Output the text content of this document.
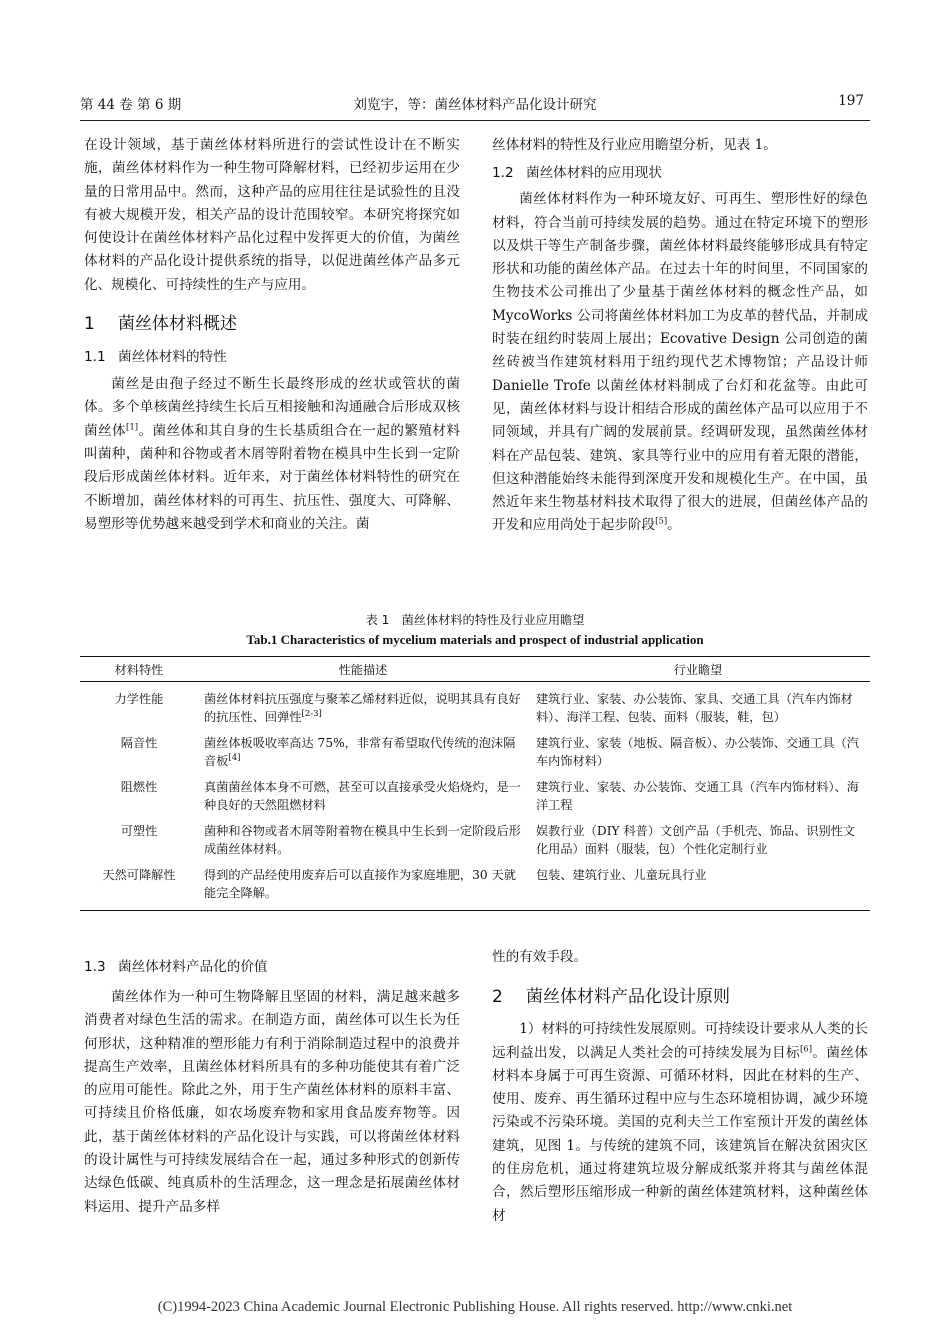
第 44 卷 第 6 期	刘览宇，等：菌丝体材料产品化设计研究	197

在设计领域，基于菌丝体材料所进行的尝试性设计在不断实施，菌丝体材料作为一种生物可降解材料，已经初步运用在少量的日常用品中。然而，这种产品的应用往往是试验性的且没有被大规模开发，相关产品的设计范围较窄。本研究将探究如何使设计在菌丝体材料产品化过程中发挥更大的价值，为菌丝体材料的产品化设计提供系统的指导，以促进菌丝体产品多元化、规模化、可持续性的生产与应用。

1 菌丝体材料概述
1.1 菌丝体材料的特性

菌丝是由孢子经过不断生长最终形成的丝状或管状的菌体。多个单核菌丝持续生长后互相接触和沟通融合后形成双核菌丝体[1]。菌丝体和其自身的生长基质组合在一起的繁殖材料叫菌种，菌种和谷物或者木屑等附着物在模具中生长到一定阶段后形成菌丝体材料。近年来，对于菌丝体材料特性的研究在不断增加，菌丝体材料的可再生、抗压性、强度大、可降解、易塑形等优势越来越受到学术和商业的关注。菌

丝体材料的特性及行业应用瞻望分析，见表 1。

1.2 菌丝体材料的应用现状

菌丝体材料作为一种环境友好、可再生、塑形性好的绿色材料，符合当前可持续发展的趋势。通过在特定环境下的塑形以及烘干等生产制备步骤，菌丝体材料最终能够形成具有特定形状和功能的菌丝体产品。在过去十年的时间里，不同国家的生物技术公司推出了少量基于菌丝体材料的概念性产品，如MycoWorks 公司将菌丝体材料加工为皮革的替代品，并制成时装在纽约时装周上展出；Ecovative Design 公司创造的菌丝砖被当作建筑材料用于纽约现代艺术博物馆；产品设计师 Danielle Trofe 以菌丝体材料制成了台灯和花盆等。由此可见，菌丝体材料与设计相结合形成的菌丝体产品可以应用于不同领域，并具有广阔的发展前景。经调研发现，虽然菌丝体材料在产品包装、建筑、家具等行业中的应用有着无限的潜能，但这种潜能始终未能得到深度开发和规模化生产。在中国，虽然近年来生物基材料技术取得了很大的进展，但菌丝体产品的开发和应用尚处于起步阶段[5]。

表 1　菌丝体材料的特性及行业应用瞻望
Tab.1 Characteristics of mycelium materials and prospect of industrial application
材料特性	性能描述	行业瞻望
力学性能	菌丝体材料抗压强度与聚苯乙烯材料近似，说明其具有良好的抗压性、回弹性[2-3]	建筑行业、家装、办公装饰、家具、交通工具（汽车内饰材料）、海洋工程、包装、面料（服装，鞋，包）
隔音性	菌丝体板吸收率高达 75%，非常有希望取代传统的泡沫隔音板[4]	建筑行业、家装（地板、隔音板）、办公装饰、交通工具（汽车内饰材料）
阻燃性	真菌菌丝体本身不可燃，甚至可以直接承受火焰烧灼，是一种良好的天然阻燃材料	建筑行业、家装、办公装饰、交通工具（汽车内饰材料）、海洋工程
可塑性	菌种和谷物或者木屑等附着物在模具中生长到一定阶段后形成菌丝体材料。	娱教行业（DIY 科普）文创产品（手机壳、饰品、识别性文化用品）面料（服装，包）个性化定制行业
天然可降解性	得到的产品经使用废弃后可以直接作为家庭堆肥，30 天就能完全降解。	包装、建筑行业、儿童玩具行业
1.3 菌丝体材料产品化的价值

菌丝体作为一种可生物降解且坚固的材料，满足越来越多消费者对绿色生活的需求。在制造方面，菌丝体可以生长为任何形状，这种精准的塑形能力有利于消除制造过程中的浪费并提高生产效率，且菌丝体材料所具有的多种功能使其有着广泛的应用可能性。除此之外，用于生产菌丝体材料的原料丰富、可持续且价格低廉，如农场废弃物和家用食品废弃物等。因此，基于菌丝体材料的产品化设计与实践，可以将菌丝体材料的设计属性与可持续发展结合在一起，通过多种形式的创新传达绿色低碳、纯真质朴的生活理念，这一理念是拓展菌丝体材料运用、提升产品多样

性的有效手段。

2 菌丝体材料产品化设计原则

1）材料的可持续性发展原则。可持续设计要求从人类的长远利益出发，以满足人类社会的可持续发展为目标[6]。菌丝体材料本身属于可再生资源、可循环材料，因此在材料的生产、使用、废弃、再生循环过程中应与生态环境相协调，减少环境污染或不污染环境。美国的克利夫兰工作室预计开发的菌丝体建筑，见图 1。与传统的建筑不同，该建筑旨在解决贫困灾区的住房危机，通过将建筑垃圾分解成纸浆并将其与菌丝体混合，然后塑形压缩形成一种新的菌丝体建筑材料，这种菌丝体材

(C)1994-2023 China Academic Journal Electronic Publishing House. All rights reserved. http://www.cnki.net
